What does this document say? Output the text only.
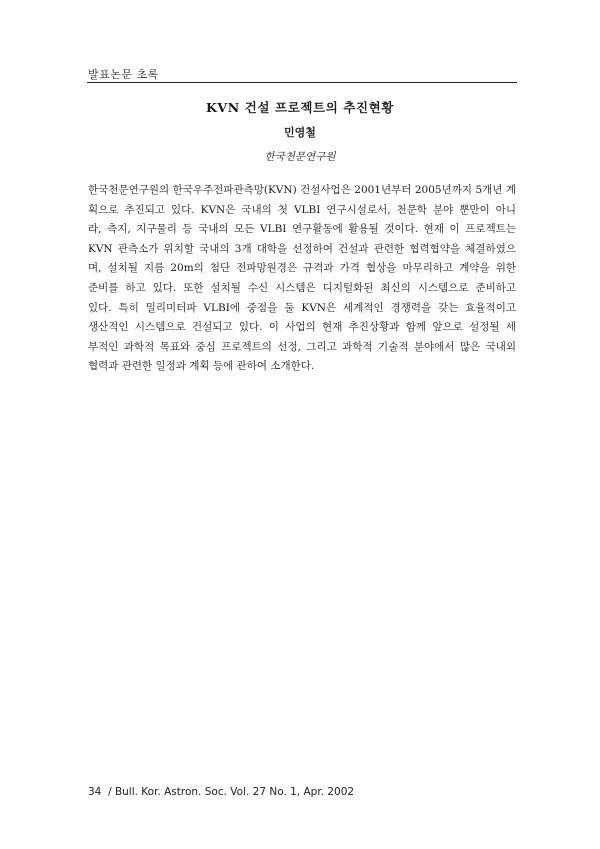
발표논문 초록
KVN 건설 프로젝트의 추진현황
민영철
한국천문연구원
한국천문연구원의 한국우주전파관측망(KVN) 건설사업은 2001년부터 2005년까지 5개년 계
획으로 추진되고 있다. KVN은 국내의 첫 VLBI 연구시설로서, 천문학 분야 뿐만이 아니
라, 측지, 지구물리 등 국내의 모든 VLBI 연구활동에 활용될 것이다. 현재 이 프로젝트는
KVN 관측소가 위치할 국내의 3개 대학을 선정하여 건설과 관련한 협력협약을 체결하였으
며, 설치될 지름 20m의 첨단 전파망원경은 규격과 가격 협상을 마무리하고 계약을 위한
준비를 하고 있다. 또한 설치될 수신 시스템은 디지털화된 최신의 시스템으로 준비하고
있다. 특히 밀리미터파 VLBI에 중점을 둘 KVN은 세계적인 경쟁력을 갖는 효율적이고
생산적인 시스템으로 건설되고 있다. 이 사업의 현재 추진상황과 함께 앞으로 설정될 세
부적인 과학적 목표와 중심 프로젝트의 선정, 그리고 과학적 기술적 분야에서 많은 국내외
협력과 관련한 일정과 계획 등에 관하여 소개한다.
34 / Bull. Kor. Astron. Soc. Vol. 27 No. 1, Apr. 2002
